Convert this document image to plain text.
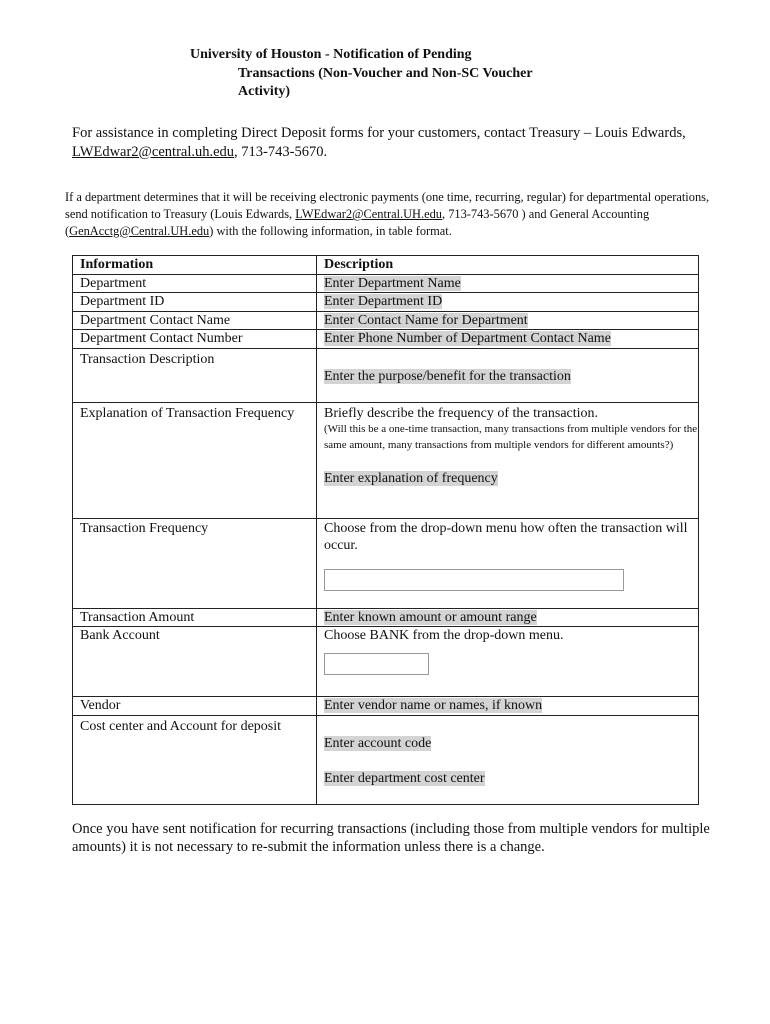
University of Houston - Notification of Pending
Transactions (Non-Voucher and Non-SC Voucher
Activity)
For assistance in completing Direct Deposit forms for your customers, contact Treasury – Louis Edwards, LWEdwar2@central.uh.edu, 713-743-5670.
If a department determines that it will be receiving electronic payments (one time, recurring, regular) for departmental operations, send notification to Treasury (Louis Edwards, LWEdwar2@Central.UH.edu, 713-743-5670 ) and General Accounting (GenAcctg@Central.UH.edu) with the following information, in table format.
Information	Description
Department	Enter Department Name
Department ID	Enter Department ID
Department Contact Name	Enter Contact Name for Department
Department Contact Number	Enter Phone Number of Department Contact Name
Transaction Description	Enter the purpose/benefit for the transaction
Explanation of Transaction Frequency	Briefly describe the frequency of the transaction.
(Will this be a one-time transaction, many transactions from multiple vendors for the same amount, many transactions from multiple vendors for different amounts?)
Enter explanation of frequency
Transaction Frequency	Choose from the drop-down menu how often the transaction will occur.

Transaction Amount	Enter known amount or amount range
Bank Account	Choose BANK from the drop-down menu.

Vendor	Enter vendor name or names, if known
Cost center and Account for deposit	Enter account code
Enter department cost center
Once you have sent notification for recurring transactions (including those from multiple vendors for multiple amounts) it is not necessary to re-submit the information unless there is a change.
